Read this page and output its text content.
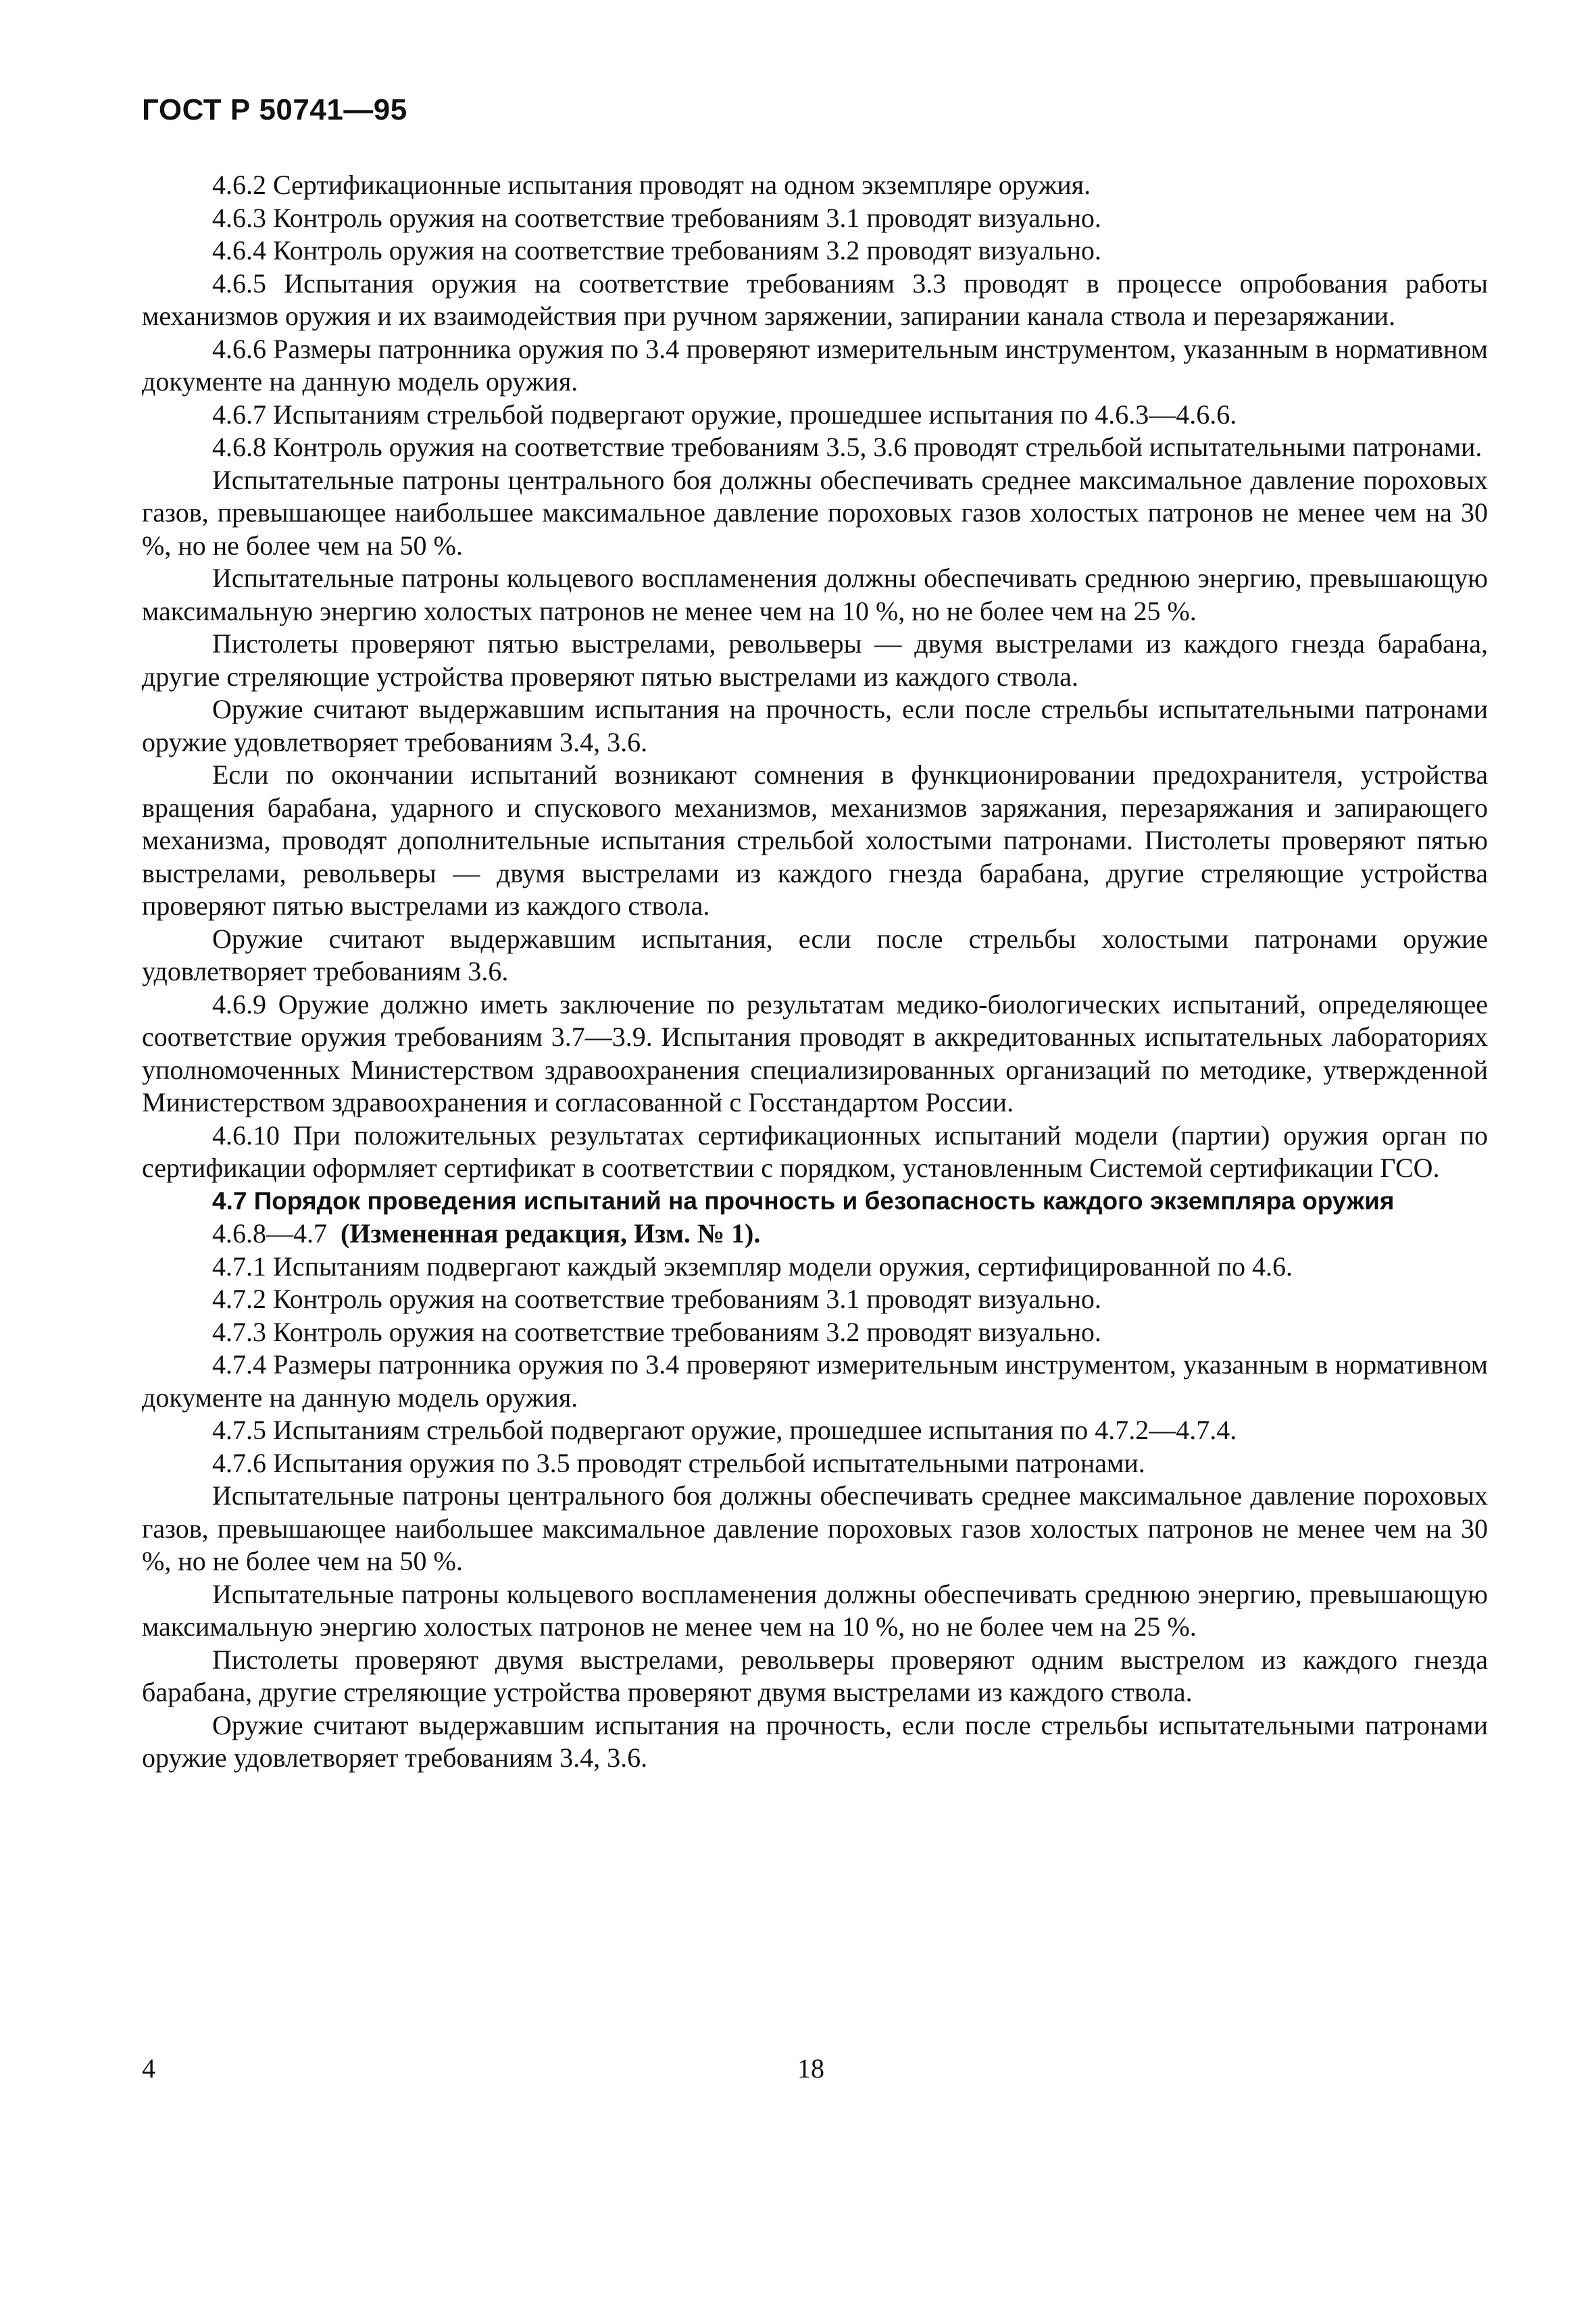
ГОСТ Р 50741—95

4.6.2 Сертификационные испытания проводят на одном экземпляре оружия.

4.6.3 Контроль оружия на соответствие требованиям 3.1 проводят визуально.

4.6.4 Контроль оружия на соответствие требованиям 3.2 проводят визуально.

4.6.5 Испытания оружия на соответствие требованиям 3.3 проводят в процессе опробования работы механизмов оружия и их взаимодействия при ручном заряжении, запирании канала ствола и перезаряжании.

4.6.6 Размеры патронника оружия по 3.4 проверяют измерительным инструментом, указанным в нормативном документе на данную модель оружия.

4.6.7 Испытаниям стрельбой подвергают оружие, прошедшее испытания по 4.6.3—4.6.6.

4.6.8 Контроль оружия на соответствие требованиям 3.5, 3.6 проводят стрельбой испытательными патронами.

Испытательные патроны центрального боя должны обеспечивать среднее максимальное давление пороховых газов, превышающее наибольшее максимальное давление пороховых газов холостых патронов не менее чем на 30 %, но не более чем на 50 %.

Испытательные патроны кольцевого воспламенения должны обеспечивать среднюю энергию, превышающую максимальную энергию холостых патронов не менее чем на 10 %, но не более чем на 25 %.

Пистолеты проверяют пятью выстрелами, револьверы — двумя выстрелами из каждого гнезда барабана, другие стреляющие устройства проверяют пятью выстрелами из каждого ствола.

Оружие считают выдержавшим испытания на прочность, если после стрельбы испытательными патронами оружие удовлетворяет требованиям 3.4, 3.6.

Если по окончании испытаний возникают сомнения в функционировании предохранителя, устройства вращения барабана, ударного и спускового механизмов, механизмов заряжания, перезаряжания и запирающего механизма, проводят дополнительные испытания стрельбой холостыми патронами. Пистолеты проверяют пятью выстрелами, револьверы — двумя выстрелами из каждого гнезда барабана, другие стреляющие устройства проверяют пятью выстрелами из каждого ствола.

Оружие считают выдержавшим испытания, если после стрельбы холостыми патронами оружие удовлетворяет требованиям 3.6.

4.6.9 Оружие должно иметь заключение по результатам медико-биологических испытаний, определяющее соответствие оружия требованиям 3.7—3.9. Испытания проводят в аккредитованных испытательных лабораториях уполномоченных Министерством здравоохранения специализированных организаций по методике, утвержденной Министерством здравоохранения и согласованной с Госстандартом России.

4.6.10 При положительных результатах сертификационных испытаний модели (партии) оружия орган по сертификации оформляет сертификат в соответствии с порядком, установленным Системой сертификации ГСО.

4.7 Порядок проведения испытаний на прочность и безопасность каждого экземпляра оружия

4.6.8—4.7 (Измененная редакция, Изм. № 1).

4.7.1 Испытаниям подвергают каждый экземпляр модели оружия, сертифицированной по 4.6.

4.7.2 Контроль оружия на соответствие требованиям 3.1 проводят визуально.

4.7.3 Контроль оружия на соответствие требованиям 3.2 проводят визуально.

4.7.4 Размеры патронника оружия по 3.4 проверяют измерительным инструментом, указанным в нормативном документе на данную модель оружия.

4.7.5 Испытаниям стрельбой подвергают оружие, прошедшее испытания по 4.7.2—4.7.4.

4.7.6 Испытания оружия по 3.5 проводят стрельбой испытательными патронами.

Испытательные патроны центрального боя должны обеспечивать среднее максимальное давление пороховых газов, превышающее наибольшее максимальное давление пороховых газов холостых патронов не менее чем на 30 %, но не более чем на 50 %.

Испытательные патроны кольцевого воспламенения должны обеспечивать среднюю энергию, превышающую максимальную энергию холостых патронов не менее чем на 10 %, но не более чем на 25 %.

Пистолеты проверяют двумя выстрелами, револьверы проверяют одним выстрелом из каждого гнезда барабана, другие стреляющие устройства проверяют двумя выстрелами из каждого ствола.

Оружие считают выдержавшим испытания на прочность, если после стрельбы испытательными патронами оружие удовлетворяет требованиям 3.4, 3.6.

4	18
